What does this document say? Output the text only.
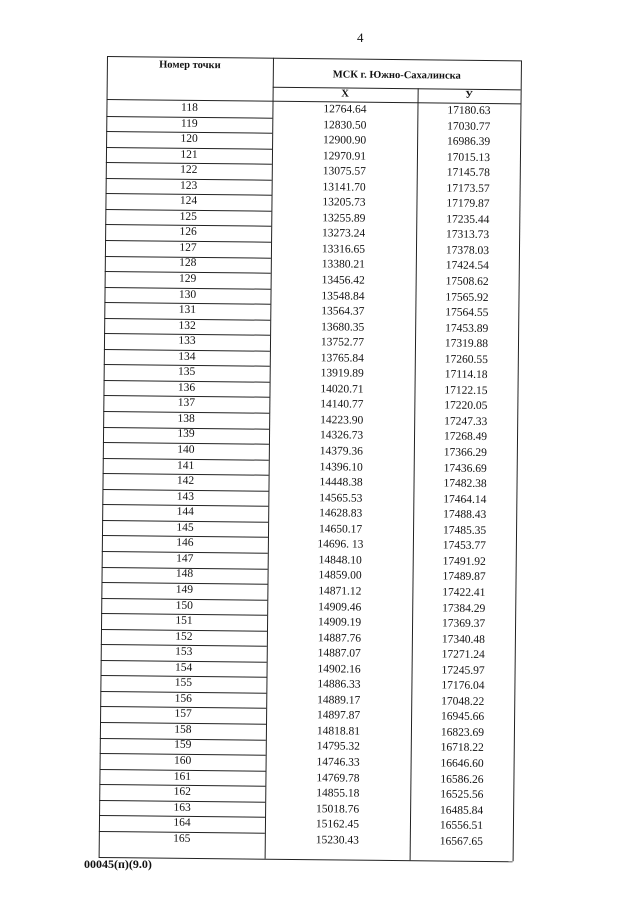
4
Номер точки
МСК г. Южно-Сахалинска
Х	У
118	12764.64	17180.63
119	12830.50	17030.77
120	12900.90	16986.39
121	12970.91	17015.13
122	13075.57	17145.78
123	13141.70	17173.57
124	13205.73	17179.87
125	13255.89	17235.44
126	13273.24	17313.73
127	13316.65	17378.03
128	13380.21	17424.54
129	13456.42	17508.62
130	13548.84	17565.92
131	13564.37	17564.55
132	13680.35	17453.89
133	13752.77	17319.88
134	13765.84	17260.55
135	13919.89	17114.18
136	14020.71	17122.15
137	14140.77	17220.05
138	14223.90	17247.33
139	14326.73	17268.49
140	14379.36	17366.29
141	14396.10	17436.69
142	14448.38	17482.38
143	14565.53	17464.14
144	14628.83	17488.43
145	14650.17	17485.35
146	14696. 13	17453.77
147	14848.10	17491.92
148	14859.00	17489.87
149	14871.12	17422.41
150	14909.46	17384.29
151	14909.19	17369.37
152	14887.76	17340.48
153	14887.07	17271.24
154	14902.16	17245.97
155	14886.33	17176.04
156	14889.17	17048.22
157	14897.87	16945.66
158	14818.81	16823.69
159	14795.32	16718.22
160	14746.33	16646.60
161	14769.78	16586.26
162	14855.18	16525.56
163	15018.76	16485.84
164	15162.45	16556.51
165	15230.43	16567.65
00045(п)(9.0)
